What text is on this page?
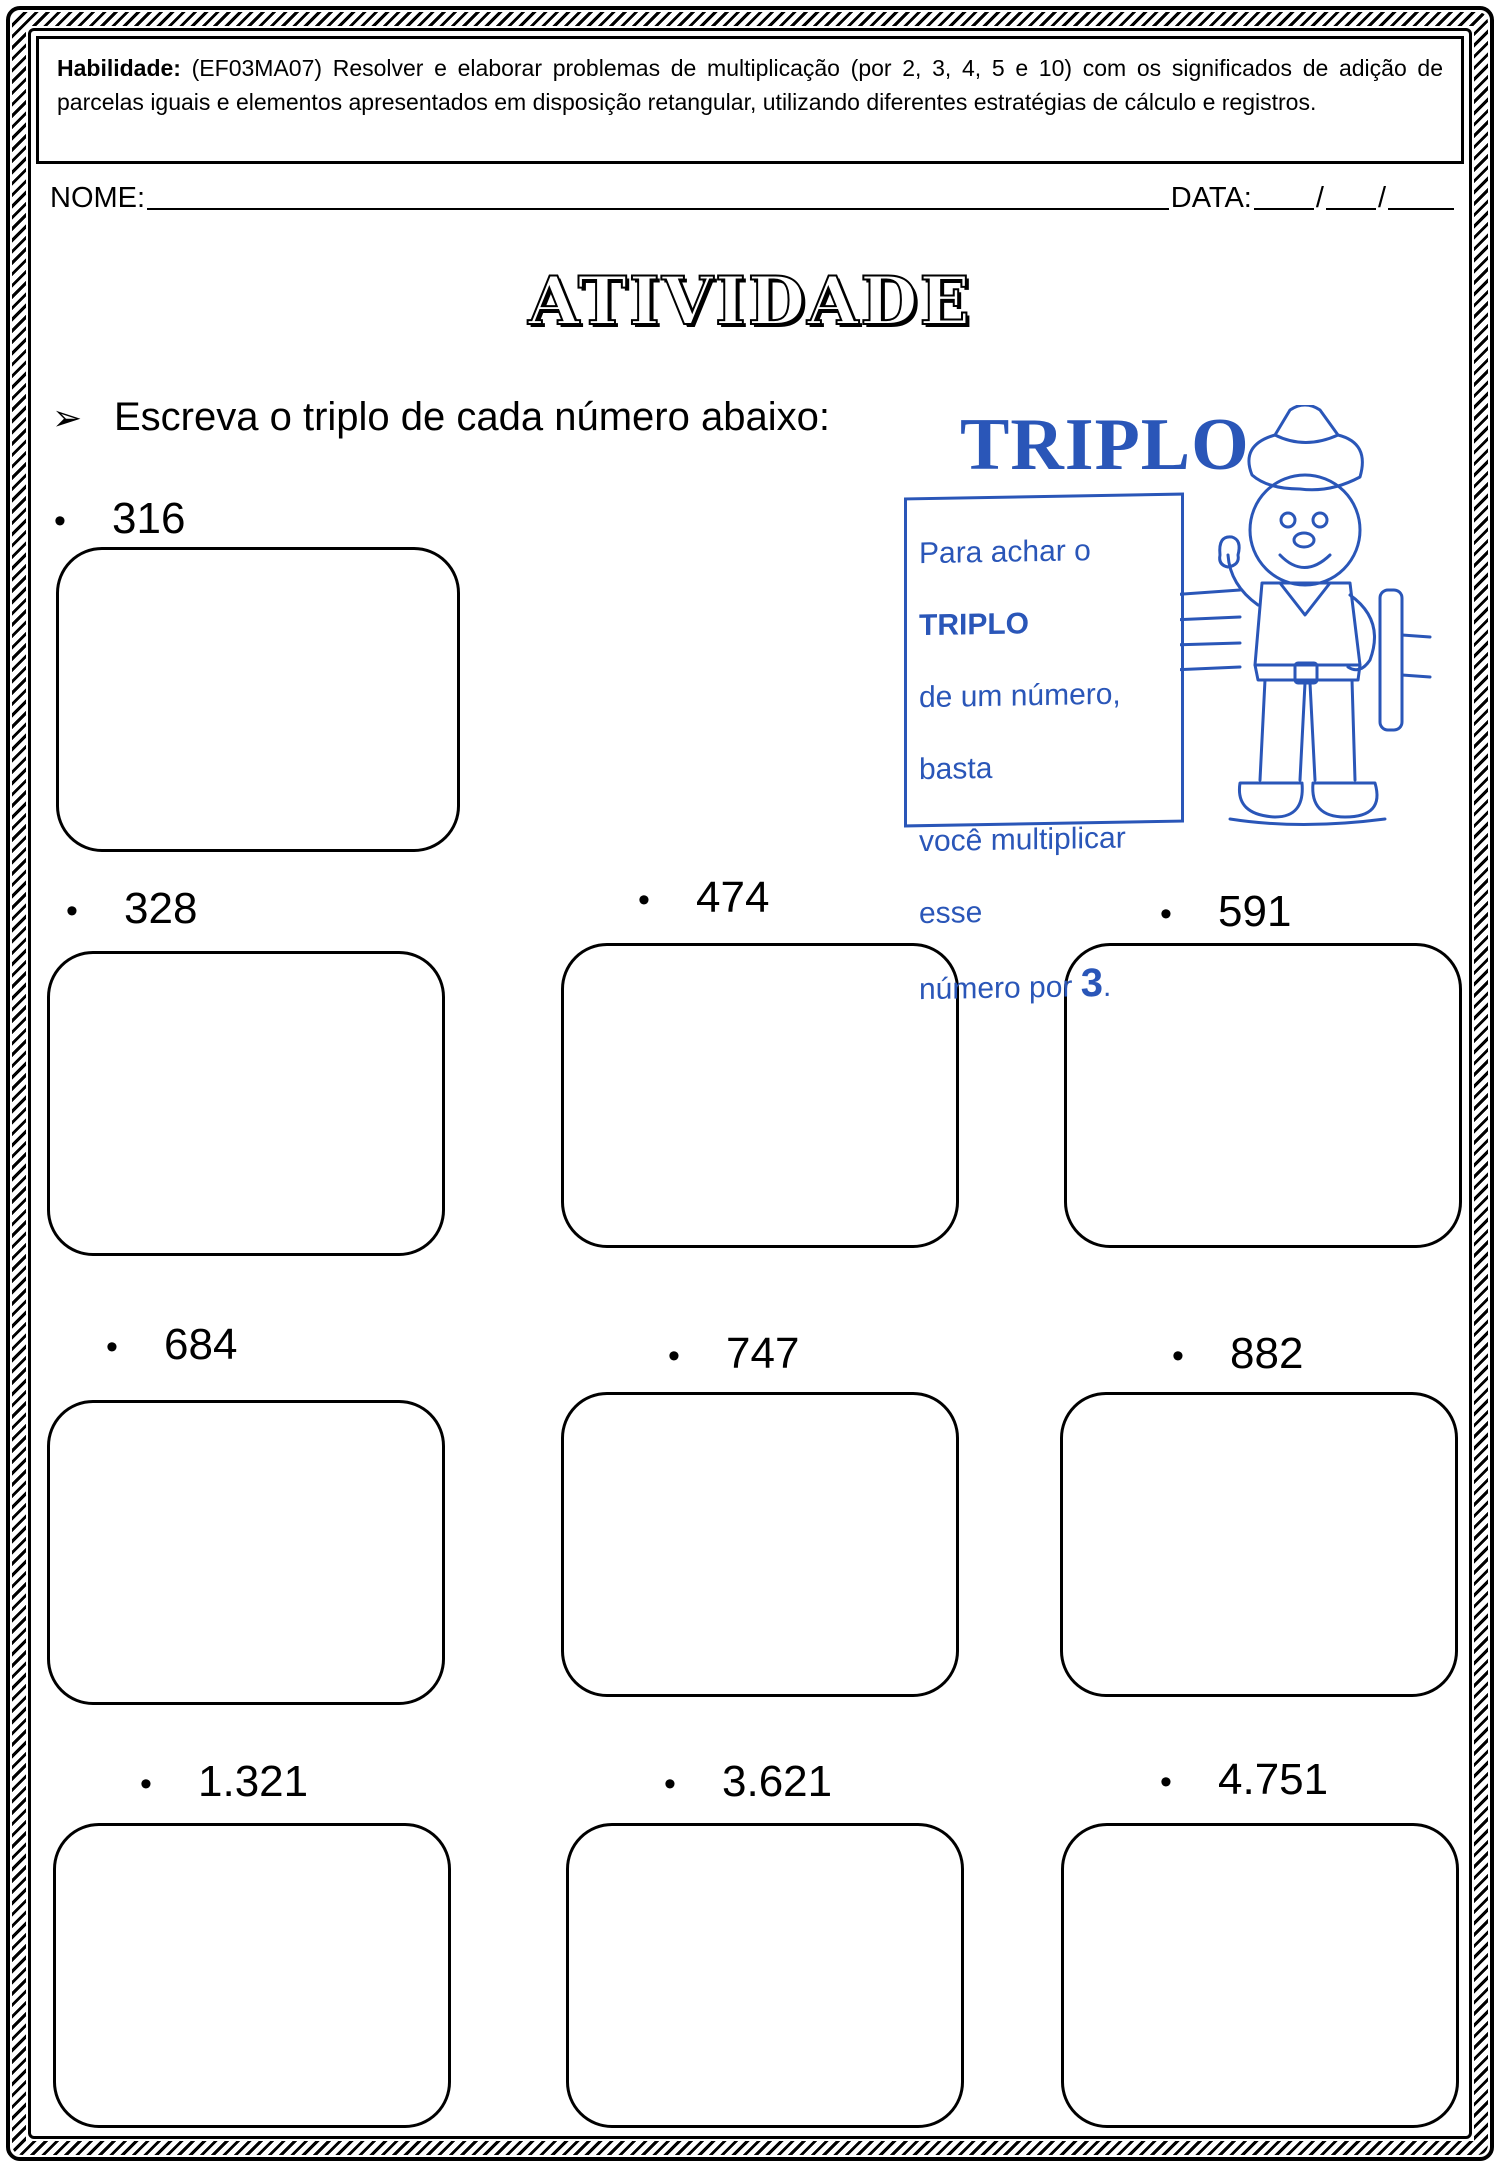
Habilidade: (EF03MA07) Resolver e elaborar problemas de multiplicação (por 2, 3, 4, 5 e 10) com os significados de adição de parcelas iguais e elementos apresentados em disposição retangular, utilizando diferentes estratégias de cálculo e registros.
NOME:	DATA: / /
ATIVIDADE
➢ Escreva o triplo de cada número abaixo:
• 316
• 328	• 474	• 591
• 684	• 747	• 882
• 1.321	• 3.621	• 4.751
TRIPLO
Para achar o TRIPLO
de um número, basta
você multiplicar esse
número por 3.
